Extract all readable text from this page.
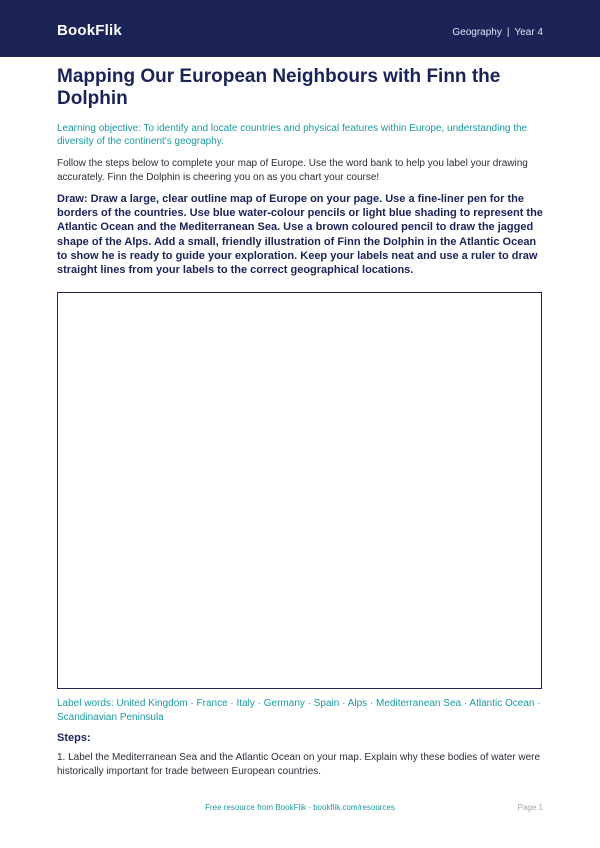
BookFlik	Geography | Year 4
Mapping Our European Neighbours with Finn the Dolphin
Learning objective: To identify and locate countries and physical features within Europe, understanding the diversity of the continent's geography.
Follow the steps below to complete your map of Europe. Use the word bank to help you label your drawing accurately. Finn the Dolphin is cheering you on as you chart your course!
Draw: Draw a large, clear outline map of Europe on your page. Use a fine-liner pen for the borders of the countries. Use blue water-colour pencils or light blue shading to represent the Atlantic Ocean and the Mediterranean Sea. Use a brown coloured pencil to draw the jagged shape of the Alps. Add a small, friendly illustration of Finn the Dolphin in the Atlantic Ocean to show he is ready to guide your exploration. Keep your labels neat and use a ruler to draw straight lines from your labels to the correct geographical locations.
Label words: United Kingdom · France · Italy · Germany · Spain · Alps · Mediterranean Sea · Atlantic Ocean · Scandinavian Peninsula
Steps:
1. Label the Mediterranean Sea and the Atlantic Ocean on your map. Explain why these bodies of water were historically important for trade between European countries.
Free resource from BookFlik · bookflik.com/resources	Page 1
